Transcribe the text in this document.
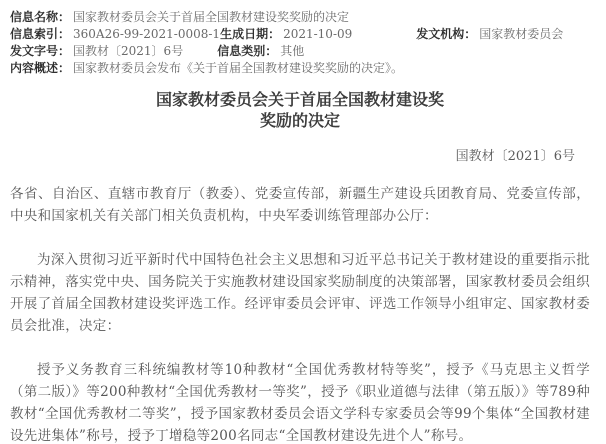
信息名称： 国家教材委员会关于首届全国教材建设奖奖励的决定
信息索引： 360A26-99-2021-0008-1生成日期： 2021-10-09	发文机构： 国家教材委员会
发文字号： 国教材〔2021〕6号	信息类别： 其他
内容概述： 国家教材委员会发布《关于首届全国教材建设奖奖励的决定》。
国家教材委员会关于首届全国教材建设奖
奖励的决定
国教材〔2021〕6号

各省、自治区、直辖市教育厅（教委）、党委宣传部，新疆生产建设兵团教育局、党委宣传部，中央和国家机关有关部门相关负责机构，中央军委训练管理部办公厅：

为深入贯彻习近平新时代中国特色社会主义思想和习近平总书记关于教材建设的重要指示批示精神，落实党中央、国务院关于实施教材建设国家奖励制度的决策部署，国家教材委员会组织开展了首届全国教材建设奖评选工作。经评审委员会评审、评选工作领导小组审定、国家教材委员会批准，决定：

授予义务教育三科统编教材等10种教材“全国优秀教材特等奖”，授予《马克思主义哲学（第二版）》等200种教材“全国优秀教材一等奖”，授予《职业道德与法律（第五版）》等789种教材“全国优秀教材二等奖”，授予国家教材委员会语文学科专家委员会等99个集体“全国教材建设先进集体”称号，授予丁增稳等200名同志“全国教材建设先进个人”称号。
